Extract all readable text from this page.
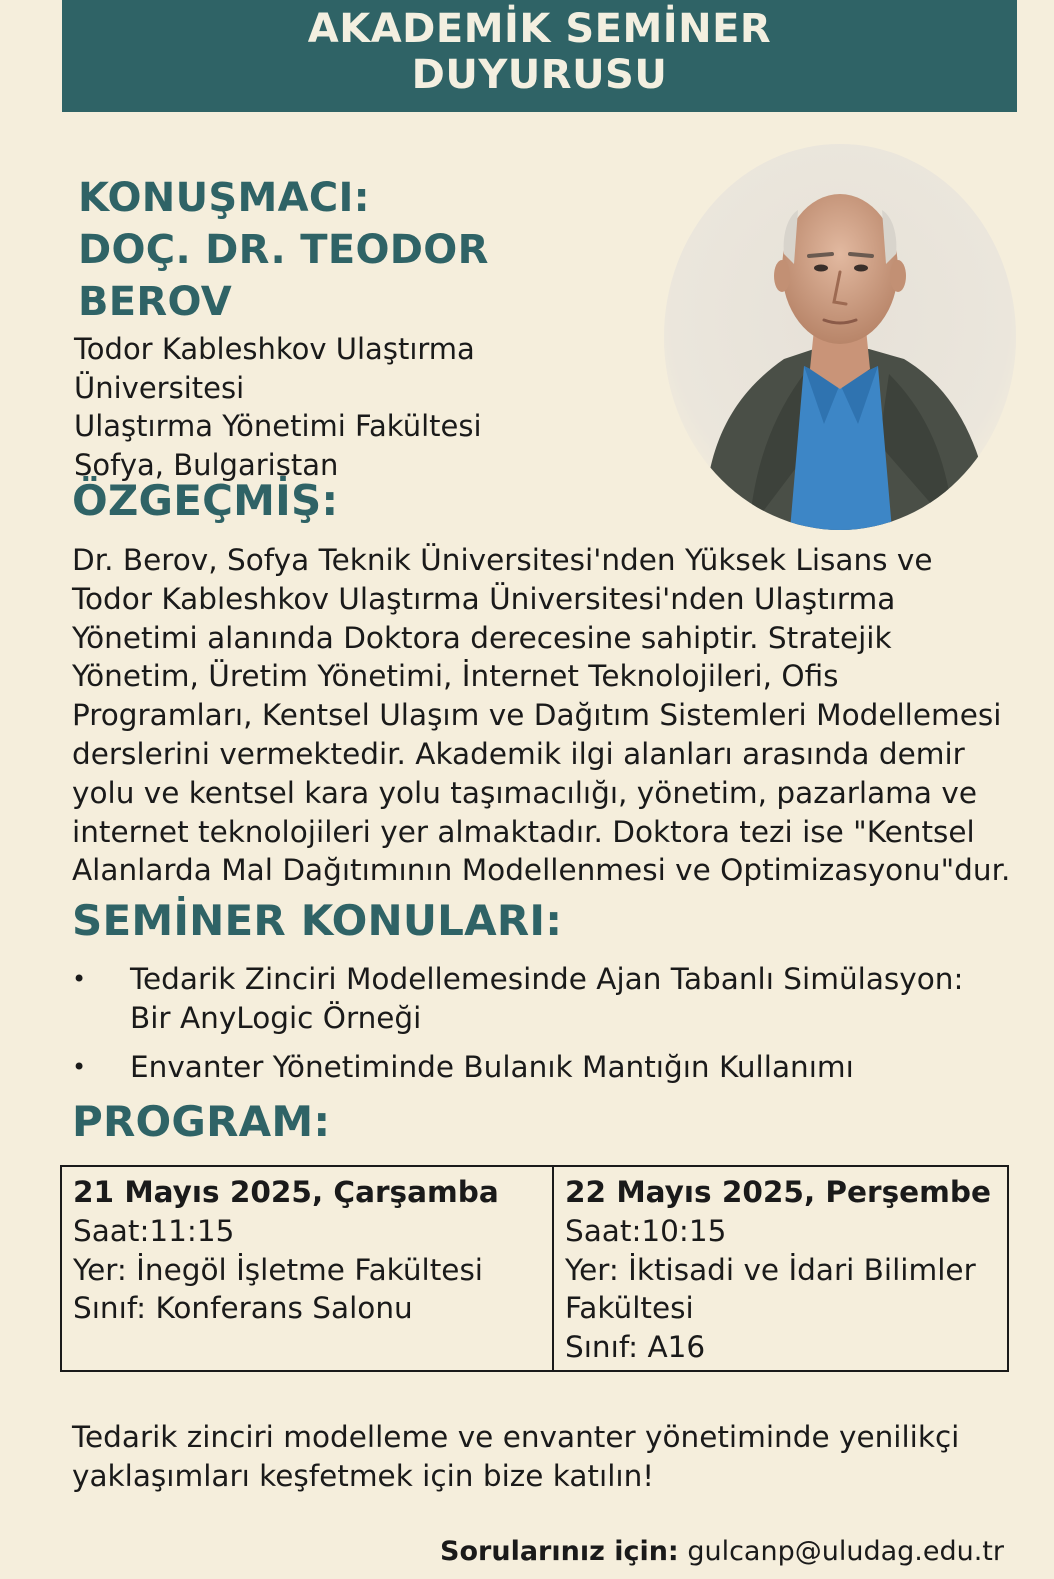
AKADEMİK SEMİNER
DUYURUSU
KONUŞMACI:
DOÇ. DR. TEODOR
BEROV
Todor Kableshkov Ulaştırma
Üniversitesi
Ulaştırma Yönetimi Fakültesi
Sofya, Bulgaristan
ÖZGEÇMİŞ:

Dr. Berov, Sofya Teknik Üniversitesi'nden Yüksek Lisans ve Todor Kableshkov Ulaştırma Üniversitesi'nden Ulaştırma Yönetimi alanında Doktora derecesine sahiptir. Stratejik Yönetim, Üretim Yönetimi, İnternet Teknolojileri, Ofis Programları, Kentsel Ulaşım ve Dağıtım Sistemleri Modellemesi derslerini vermektedir. Akademik ilgi alanları arasında demir yolu ve kentsel kara yolu taşımacılığı, yönetim, pazarlama ve internet teknolojileri yer almaktadır. Doktora tezi ise "Kentsel Alanlarda Mal Dağıtımının Modellenmesi ve Optimizasyonu"dur.

SEMİNER KONULARI:
• Tedarik Zinciri Modellemesinde Ajan Tabanlı Simülasyon: Bir AnyLogic Örneği
• Envanter Yönetiminde Bulanık Mantığın Kullanımı
PROGRAM:
21 Mayıs 2025, Çarşamba
Saat:11:15
Yer: İnegöl İşletme Fakültesi
Sınıf: Konferans Salonu
22 Mayıs 2025, Perşembe
Saat:10:15
Yer: İktisadi ve İdari Bilimler Fakültesi
Sınıf: A16

Tedarik zinciri modelleme ve envanter yönetiminde yenilikçi yaklaşımları keşfetmek için bize katılın!

Sorularınız için: gulcanp@uludag.edu.tr
